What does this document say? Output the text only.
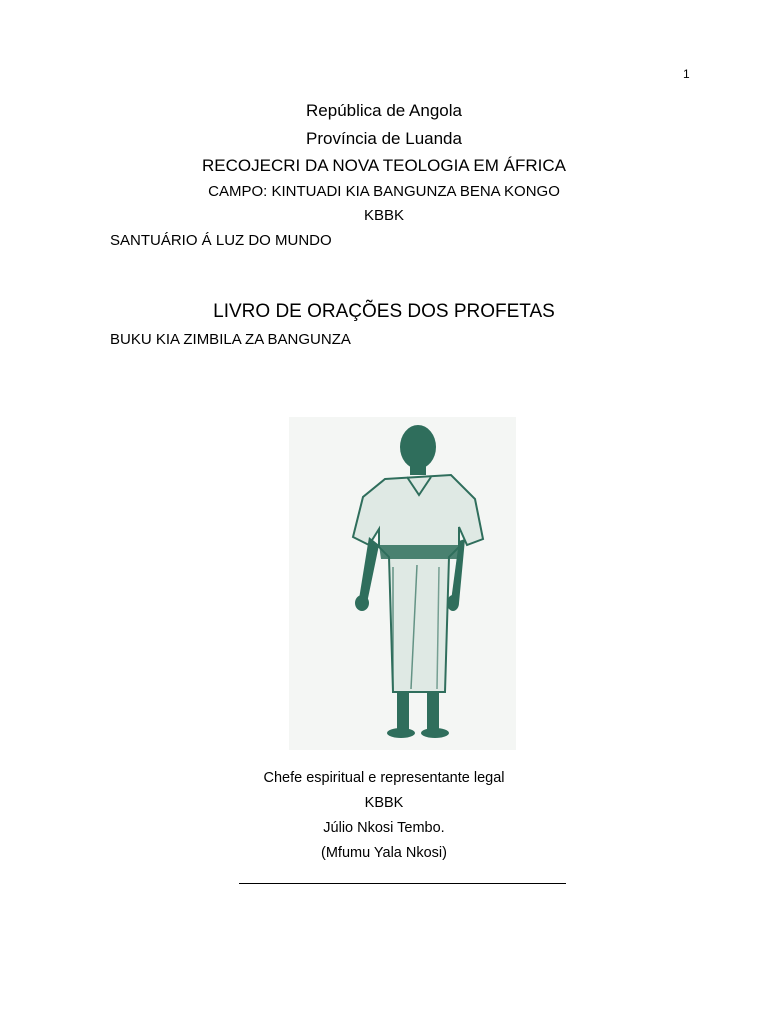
1
República de Angola
Província de Luanda
RECOJECRI DA NOVA TEOLOGIA EM ÁFRICA
CAMPO: KINTUADI KIA BANGUNZA BENA KONGO
KBBK
SANTUÁRIO Á LUZ DO MUNDO
LIVRO DE ORAÇÕES DOS PROFETAS
BUKU KIA ZIMBILA ZA BANGUNZA
Chefe espiritual e representante legal
KBBK
Júlio Nkosi Tembo.
(Mfumu Yala Nkosi)
